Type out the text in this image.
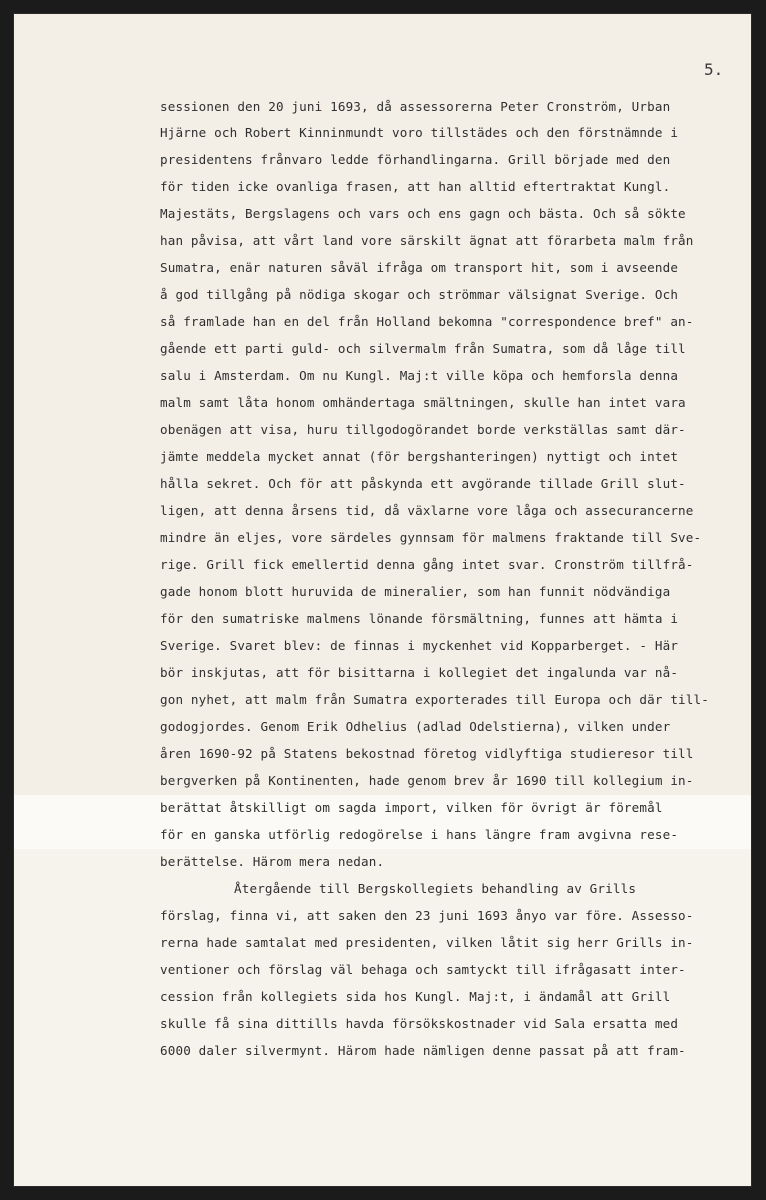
5.
sessionen den 20 juni 1693, då assessorerna Peter Cronström, Urban
Hjärne och Robert Kinninmundt voro tillstädes och den förstnämnde i
presidentens frånvaro ledde förhandlingarna. Grill började med den
för tiden icke ovanliga frasen, att han alltid eftertraktat Kungl.
Majestäts, Bergslagens och vars och ens gagn och bästa. Och så sökte
han påvisa, att vårt land vore särskilt ägnat att förarbeta malm från
Sumatra, enär naturen såväl ifråga om transport hit, som i avseende
å god tillgång på nödiga skogar och strömmar välsignat Sverige. Och
så framlade han en del från Holland bekomna "correspondence bref" an-
gående ett parti guld- och silvermalm från Sumatra, som då låge till
salu i Amsterdam. Om nu Kungl. Maj:t ville köpa och hemforsla denna
malm samt låta honom omhändertaga smältningen, skulle han intet vara
obenägen att visa, huru tillgodogörandet borde verkställas samt där-
jämte meddela mycket annat (för bergshanteringen) nyttigt och intet
hålla sekret. Och för att påskynda ett avgörande tillade Grill slut-
ligen, att denna årsens tid, då växlarne vore låga och assecurancerne
mindre än eljes, vore särdeles gynnsam för malmens fraktande till Sve-
rige. Grill fick emellertid denna gång intet svar. Cronström tillfrå-
gade honom blott huruvida de mineralier, som han funnit nödvändiga
för den sumatriske malmens lönande försmältning, funnes att hämta i
Sverige. Svaret blev: de finnas i myckenhet vid Kopparberget. - Här
bör inskjutas, att för bisittarna i kollegiet det ingalunda var nå-
gon nyhet, att malm från Sumatra exporterades till Europa och där till-
godogjordes. Genom Erik Odhelius (adlad Odelstierna), vilken under
åren 1690-92 på Statens bekostnad företog vidlyftiga studieresor till
bergverken på Kontinenten, hade genom brev år 1690 till kollegium in-
berättat åtskilligt om sagda import, vilken för övrigt är föremål
för en ganska utförlig redogörelse i hans längre fram avgivna rese-
berättelse. Härom mera nedan.
Återgående till Bergskollegiets behandling av Grills
förslag, finna vi, att saken den 23 juni 1693 ånyo var före. Assesso-
rerna hade samtalat med presidenten, vilken låtit sig herr Grills in-
ventioner och förslag väl behaga och samtyckt till ifrågasatt inter-
cession från kollegiets sida hos Kungl. Maj:t, i ändamål att Grill
skulle få sina dittills havda försökskostnader vid Sala ersatta med
6000 daler silvermynt. Härom hade nämligen denne passat på att fram-
